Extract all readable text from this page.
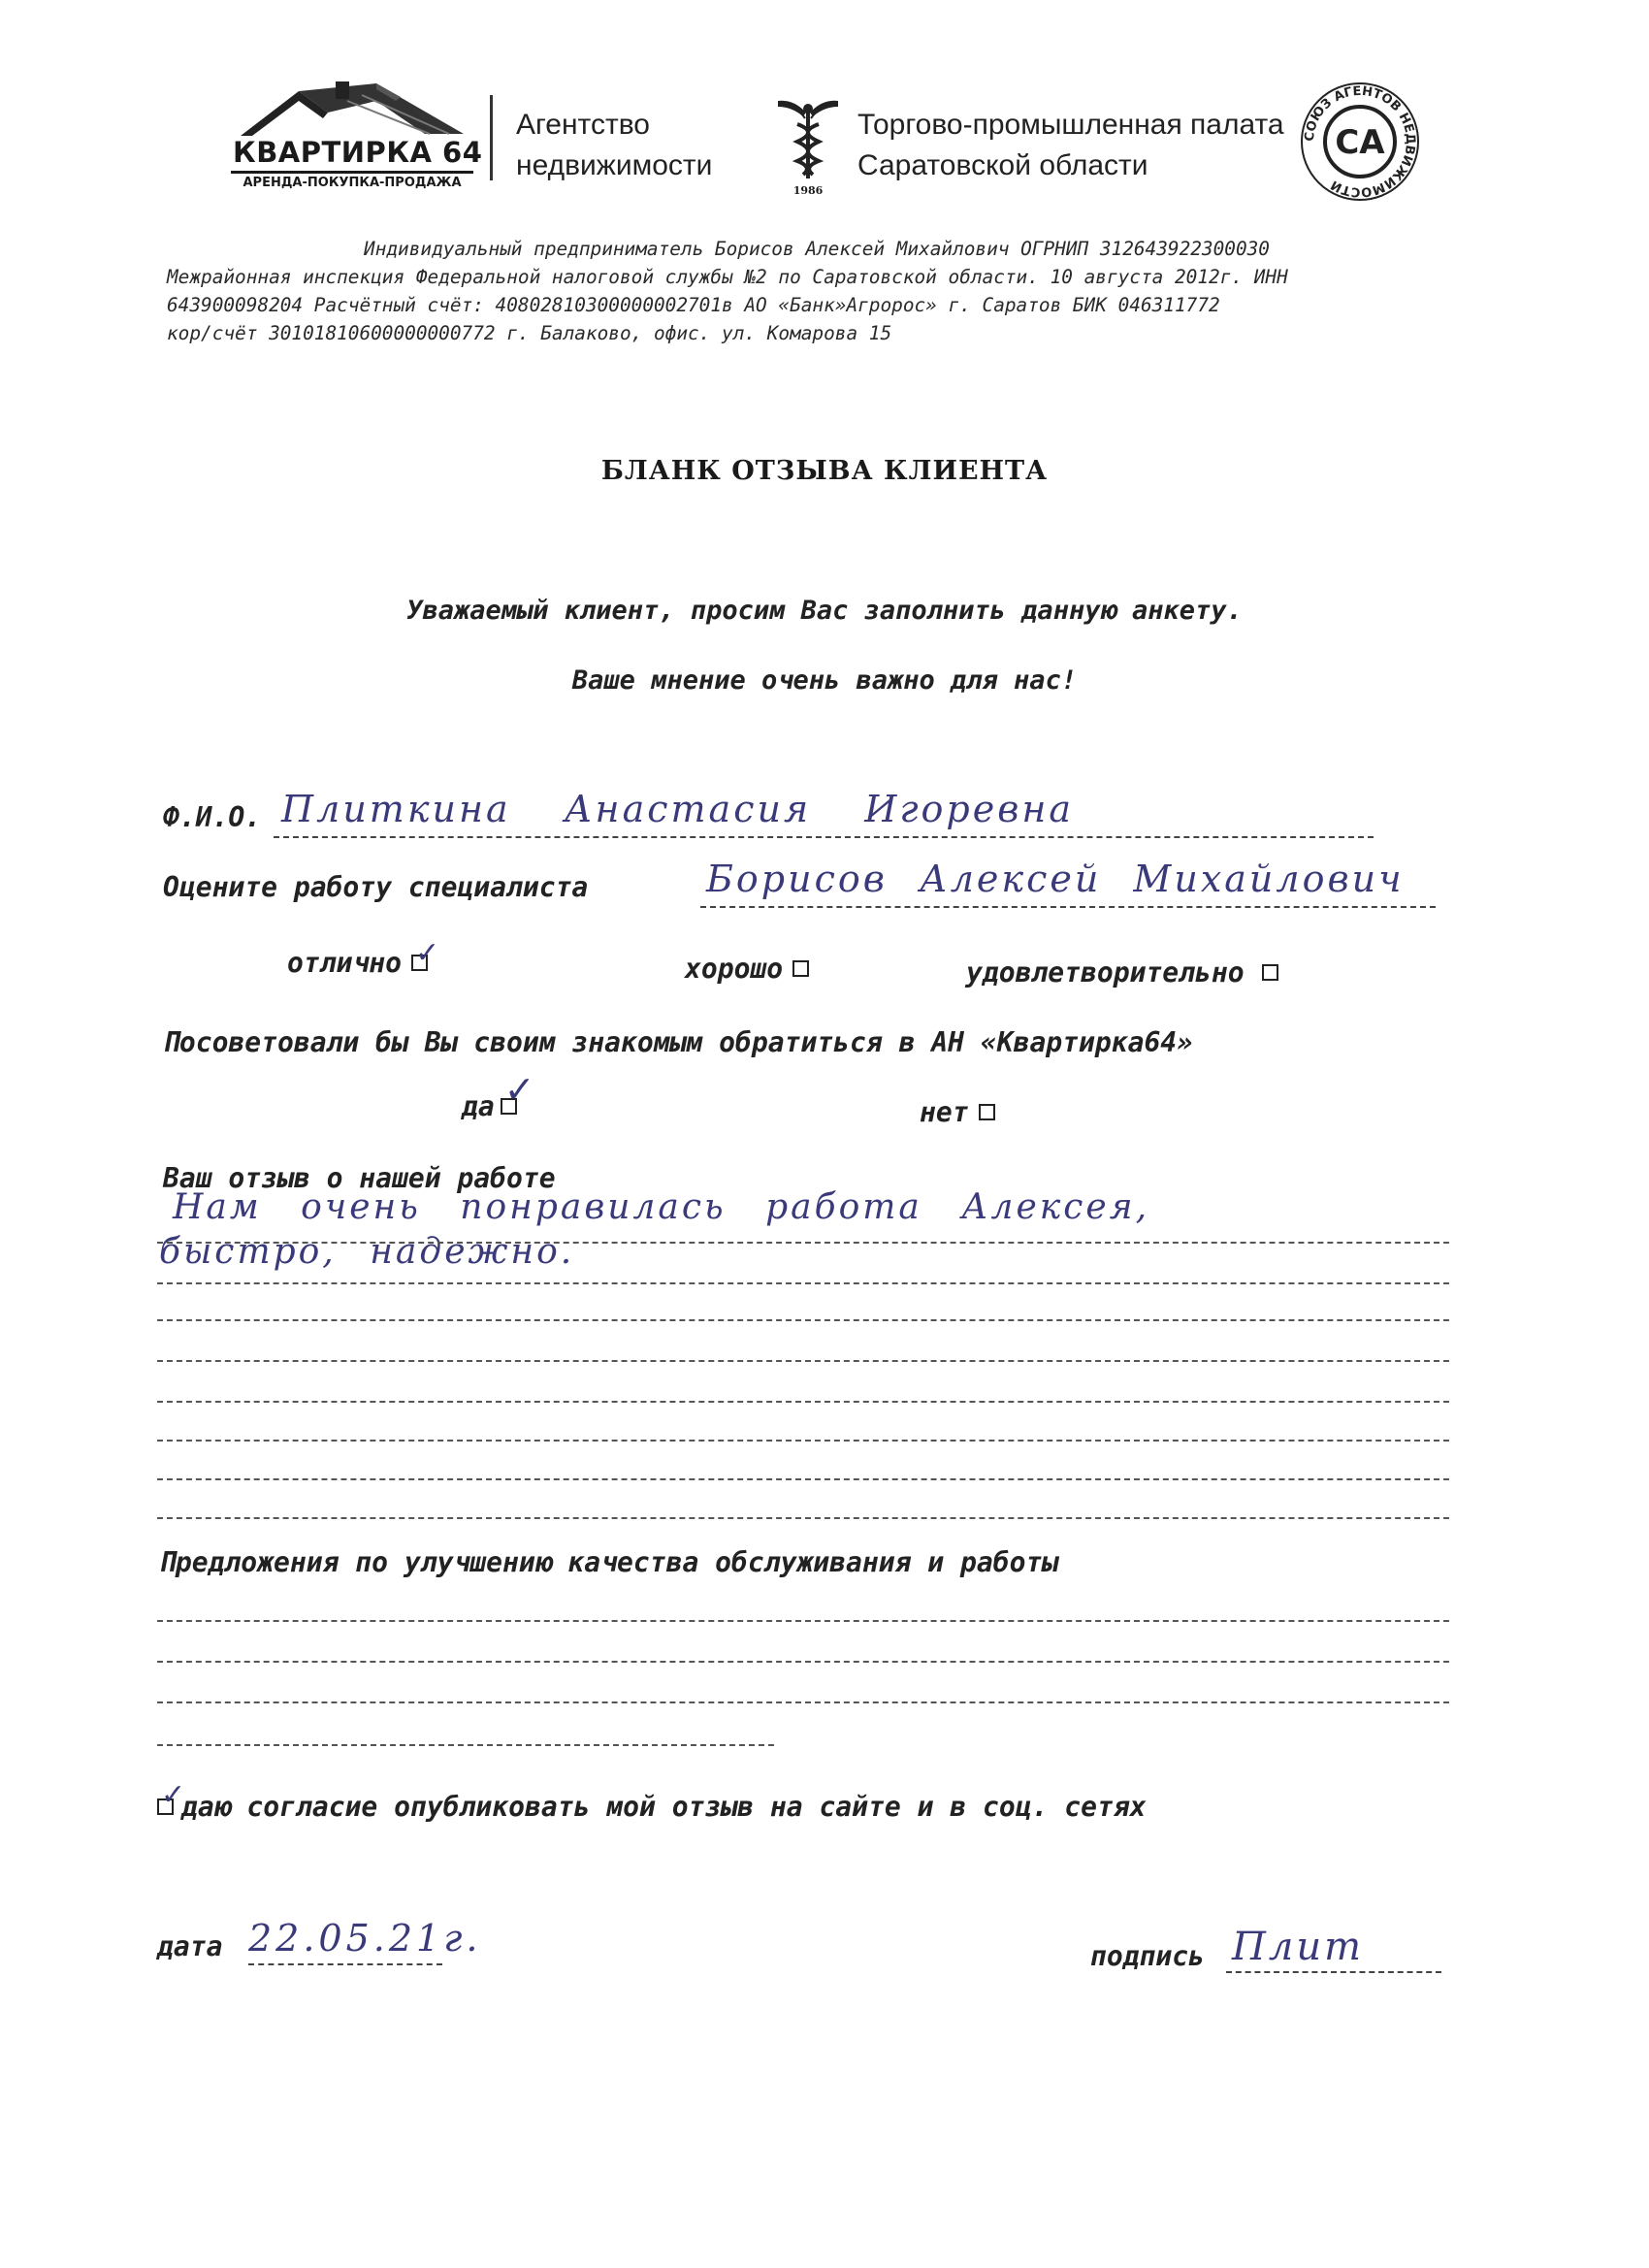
КВАРТИРКА 64
АРЕНДА-ПОКУПКА-ПРОДАЖА
Агентство
недвижимости
1986
Торгово-промышленная палата
Саратовской области
СОЮЗ АГЕНТОВ НЕДВИЖИМОСТИ
СА
Индивидуальный предприниматель Борисов Алексей Михайлович ОГРНИП 312643922300030
Межрайонная инспекция Федеральной налоговой службы №2 по Саратовской области. 10 августа 2012г. ИНН
643900098204 Расчётный счёт: 40802810300000002701в АО «Банк»Агророс» г. Саратов БИК 046311772
кор/счёт 30101810600000000772 г. Балаково, офис. ул. Комарова 15
БЛАНК ОТЗЫВА КЛИЕНТА
Уважаемый клиент, просим Вас заполнить данную анкету.
Ваше мнение очень важно для нас!
Ф.И.О. Плиткина Анастасия Игоревна
Оцените работу специалиста	Борисов Алексей Михайлович
отлично ✓	хорошо	удовлетворительно
Посоветовали бы Вы своим знакомым обратиться в АН «Квартирка64»
да ✓
нет
Ваш отзыв о нашей работе
Нам очень понравилась работа Алексея,
быстро, надежно.
Предложения по улучшению качества обслуживания и работы
✓
даю согласие опубликовать мой отзыв на сайте и в соц. сетях
дата 22.05.21г.	подпись Плит
